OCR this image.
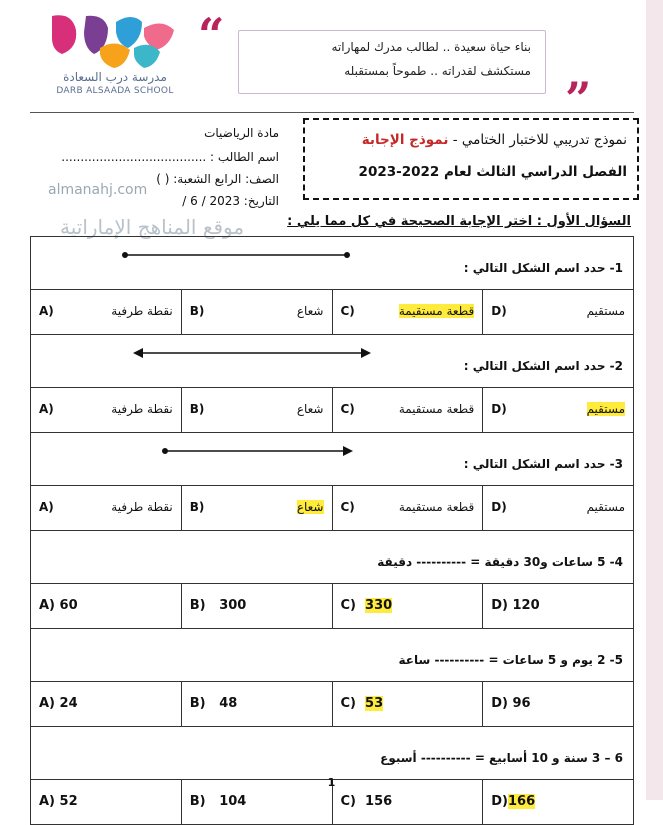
مدرسة درب السعادة
DARB ALSAADA SCHOOL
“	بناء حياة سعيدة .. لطالب مدرك لمهاراته
مستكشف لقدراته .. طموحاً بمستقبله
”
نموذج تدريبي للاختبار الختامي - نموذج الإجابة
الفصل الدراسي الثالث لعام 2022-2023
مادة الرياضيات
اسم الطالب : ......................................
الصف: الرابع الشعبة: ( )
التاريخ: 2023 / 6 /
almanahj.com
موقع المناهج الإماراتية	السؤال الأول : اختر الإجابة الصحيحة في كل مما يلي :
1- حدد اسم الشكل التالي :
A)	نقطة طرفية B)	شعاع C)	قطعة مستقيمة D)	مستقيم
2- حدد اسم الشكل التالي :
A)	نقطة طرفية B)	شعاع C)	قطعة مستقيمة D)	مستقيم
3- حدد اسم الشكل التالي :
A)	نقطة طرفية B)	شعاع C)	قطعة مستقيمة D)	مستقيم
4- 5 ساعات و30 دقيقة = ---------- دقيقة
A) 60	B) 300	C) 330	D) 120
5- 2 يوم و 5 ساعات = ---------- ساعة
A) 24	B) 48	C) 53	D) 96
6 – 3 سنة و 10 أسابيع = ---------- أسبوع
A) 52	B) 104	C) 156	D)166
1
